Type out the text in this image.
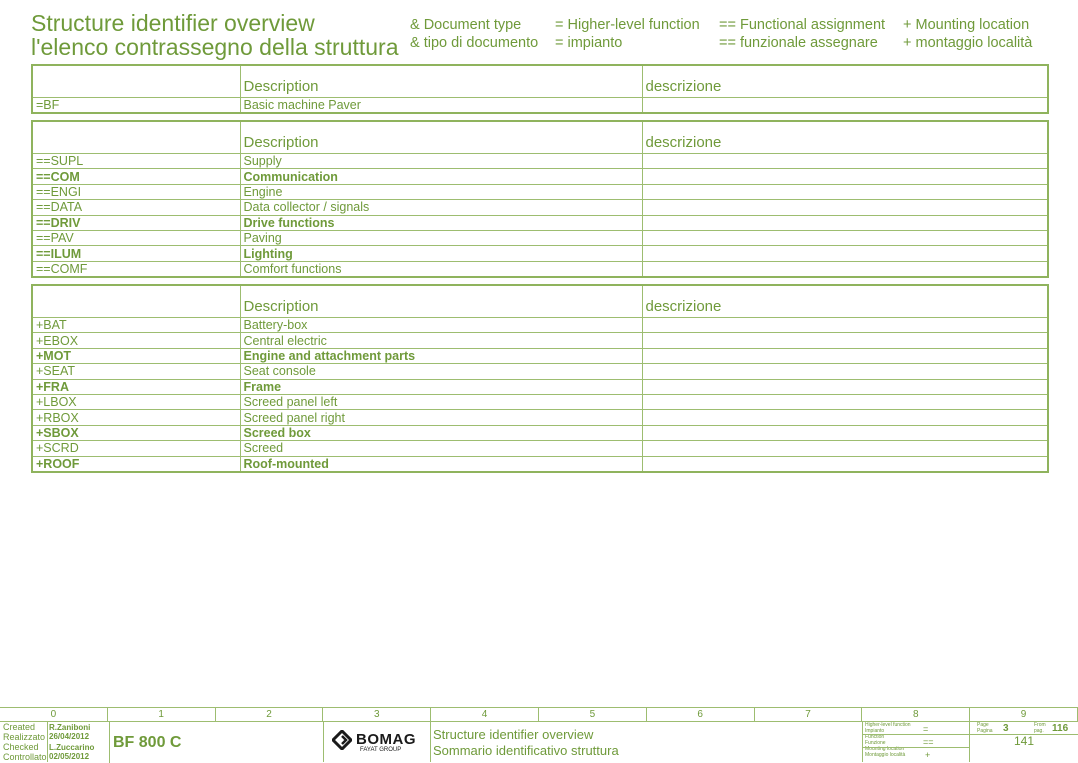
Structure identifier overview
l'elenco contrassegno della struttura
& Document type
& tipo di documento
= Higher-level function
= impianto
== Functional assignment
== funzionale assegnare
+ Mounting location
+ montaggio località
	Description	descrizione
=BF	Basic machine Paver	
	Description	descrizione
==SUPL	Supply	
==COM	Communication	
==ENGI	Engine	
==DATA	Data collector / signals	
==DRIV	Drive functions	
==PAV	Paving	
==ILUM	Lighting	
==COMF	Comfort functions	
	Description	descrizione
+BAT	Battery-box	
+EBOX	Central electric	
+MOT	Engine and attachment parts	
+SEAT	Seat console	
+FRA	Frame	
+LBOX	Screed panel left	
+RBOX	Screed panel right	
+SBOX	Screed box	
+SCRD	Screed	
+ROOF	Roof-mounted	
0	1	2	3	4	5	6	7	8	9
Created
Realizzato
Checked
Controllato
R.Zaniboni
26/04/2012
L.Zuccarino
02/05/2012
BF 800 C	BOMAG
FAYAT GROUP
Structure identifier overview
Sommario identificativo struttura
Higher-level function
Impianto
Function
Funzione
Mounting location
Montaggio località
=
==
+
Page
Pagina 3	From
pag. 116
141
